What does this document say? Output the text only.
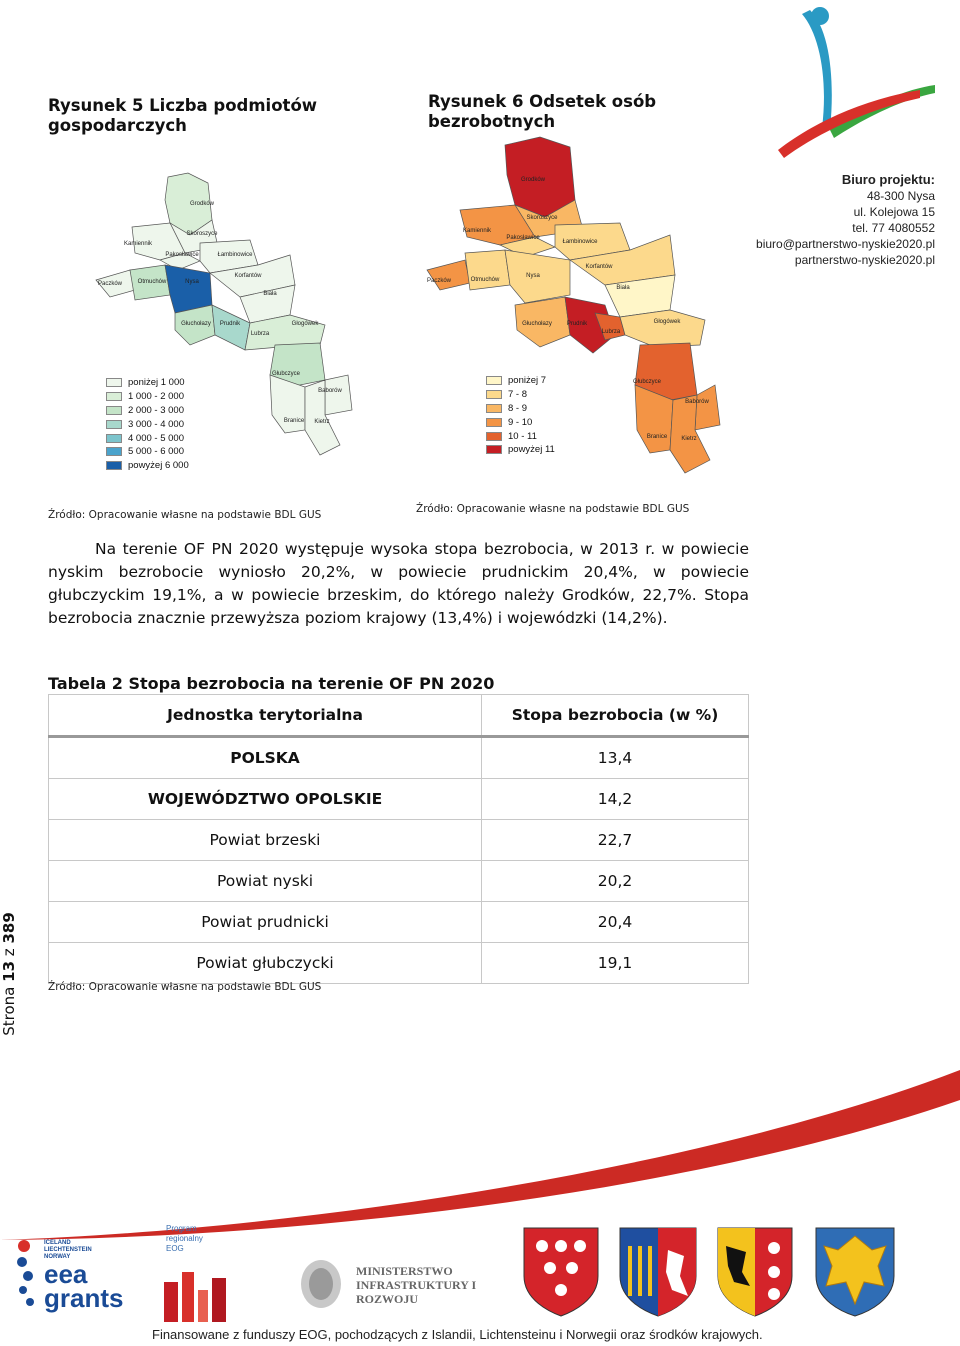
Biuro projektu:
48-300 Nysa
ul. Kolejowa 15
tel. 77 4080552
biuro@partnerstwo-nyskie2020.pl
partnerstwo-nyskie2020.pl
Rysunek 5 Liczba podmiotów gospodarczych
Rysunek 6 Odsetek osób bezrobotnych
Grodków
Skoroszyce
Kamiennik
Pakosławice	Łambinowice
Korfantów
Paczków	Otmuchów	Nysa
Biała
Głuchołazy Prudnik
Lubrza
Głogówek
Głubczyce
Baborów
Branice Kietrz
poniżej 1 000
1 000 - 2 000
2 000 - 3 000
3 000 - 4 000
4 000 - 5 000
5 000 - 6 000
powyżej 6 000
Grodków
Skoroszyce
Kamiennik
Pakosławice
Łambinowice
Korfantów
Paczków	Otmuchów
Nysa
Biała
Głuchołazy Prudnik
Lubrza
Głogówek
Głubczyce
Baborów
Branice Kietrz
poniżej 7
7 - 8
8 - 9
9 - 10
10 - 11
powyżej 11
Źródło: Opracowanie własne na podstawie BDL GUS	Źródło: Opracowanie własne na podstawie BDL GUS

Na terenie OF PN 2020 występuje wysoka stopa bezrobocia, w 2013 r. w powiecie nyskim bezrobocie wyniosło 20,2%, w powiecie prudnickim 20,4%, w powiecie głubczyckim 19,1%, a w powiecie brzeskim, do którego należy Grodków, 22,7%. Stopa bezrobocia znacznie przewyższa poziom krajowy (13,4%) i wojewódzki (14,2%).

Tabela 2 Stopa bezrobocia na terenie OF PN 2020
Jednostka terytorialna	Stopa bezrobocia (w %)
POLSKA	13,4
WOJEWÓDZTWO OPOLSKIE	14,2
Powiat brzeski	22,7
Powiat nyski	20,2
Powiat prudnicki	20,4
Powiat głubczycki	19,1
Źródło: Opracowanie własne na podstawie BDL GUS
Strona 13 z 389
ICELAND LIECHTENSTEIN NORWAY
eea grants
Program regionalny EOG
MINISTERSTWO INFRASTRUKTURY I ROZWOJU
Finansowane z funduszy EOG, pochodzących z Islandii, Lichtensteinu i Norwegii oraz środków krajowych.
